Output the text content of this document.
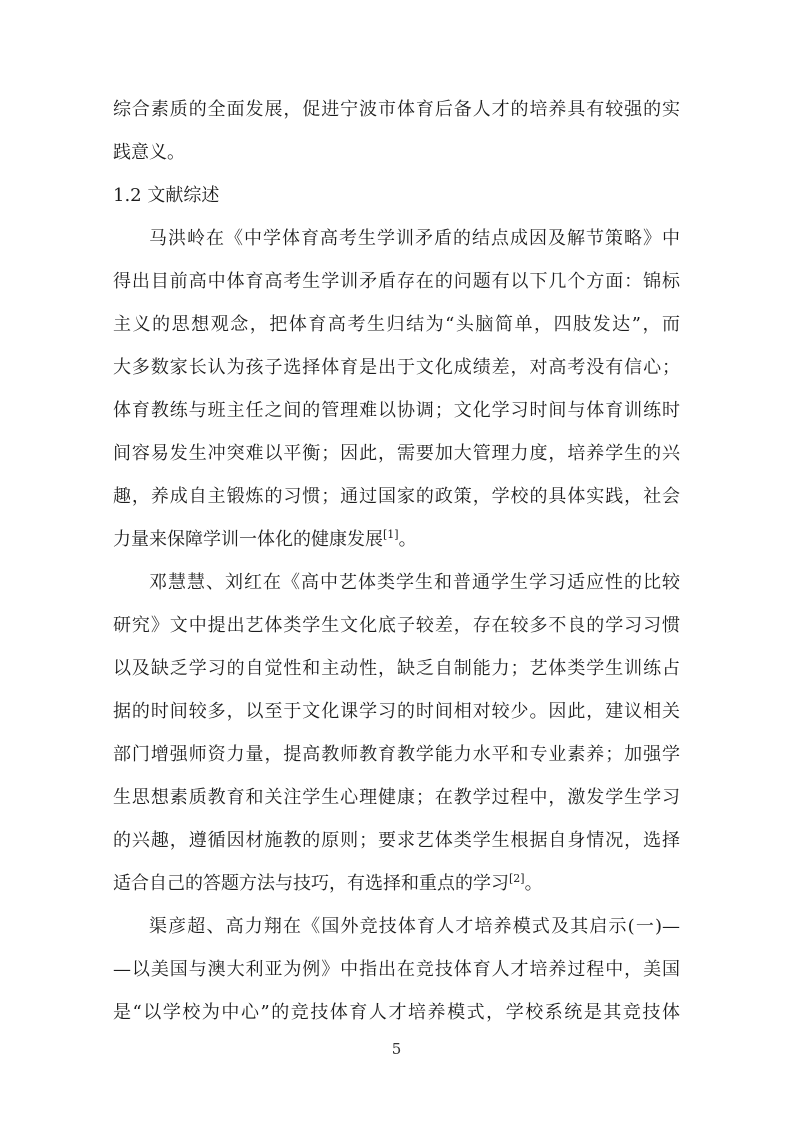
综合素质的全面发展，促进宁波市体育后备人才的培养具有较强的实
践意义。
1.2 文献综述
马洪岭在《中学体育高考生学训矛盾的结点成因及解节策略》中
得出目前高中体育高考生学训矛盾存在的问题有以下几个方面：锦标
主义的思想观念，把体育高考生归结为“头脑简单，四肢发达”，而
大多数家长认为孩子选择体育是出于文化成绩差，对高考没有信心；
体育教练与班主任之间的管理难以协调；文化学习时间与体育训练时
间容易发生冲突难以平衡；因此，需要加大管理力度，培养学生的兴
趣，养成自主锻炼的习惯；通过国家的政策，学校的具体实践，社会
力量来保障学训一体化的健康发展[1]。
邓慧慧、刘红在《高中艺体类学生和普通学生学习适应性的比较
研究》文中提出艺体类学生文化底子较差，存在较多不良的学习习惯
以及缺乏学习的自觉性和主动性，缺乏自制能力；艺体类学生训练占
据的时间较多，以至于文化课学习的时间相对较少。因此，建议相关
部门增强师资力量，提高教师教育教学能力水平和专业素养；加强学
生思想素质教育和关注学生心理健康；在教学过程中，激发学生学习
的兴趣，遵循因材施教的原则；要求艺体类学生根据自身情况，选择
适合自己的答题方法与技巧，有选择和重点的学习[2]。
渠彦超、高力翔在《国外竞技体育人才培养模式及其启示(一)—
—以美国与澳大利亚为例》中指出在竞技体育人才培养过程中，美国
是“以学校为中心”的竞技体育人才培养模式，学校系统是其竞技体
5
